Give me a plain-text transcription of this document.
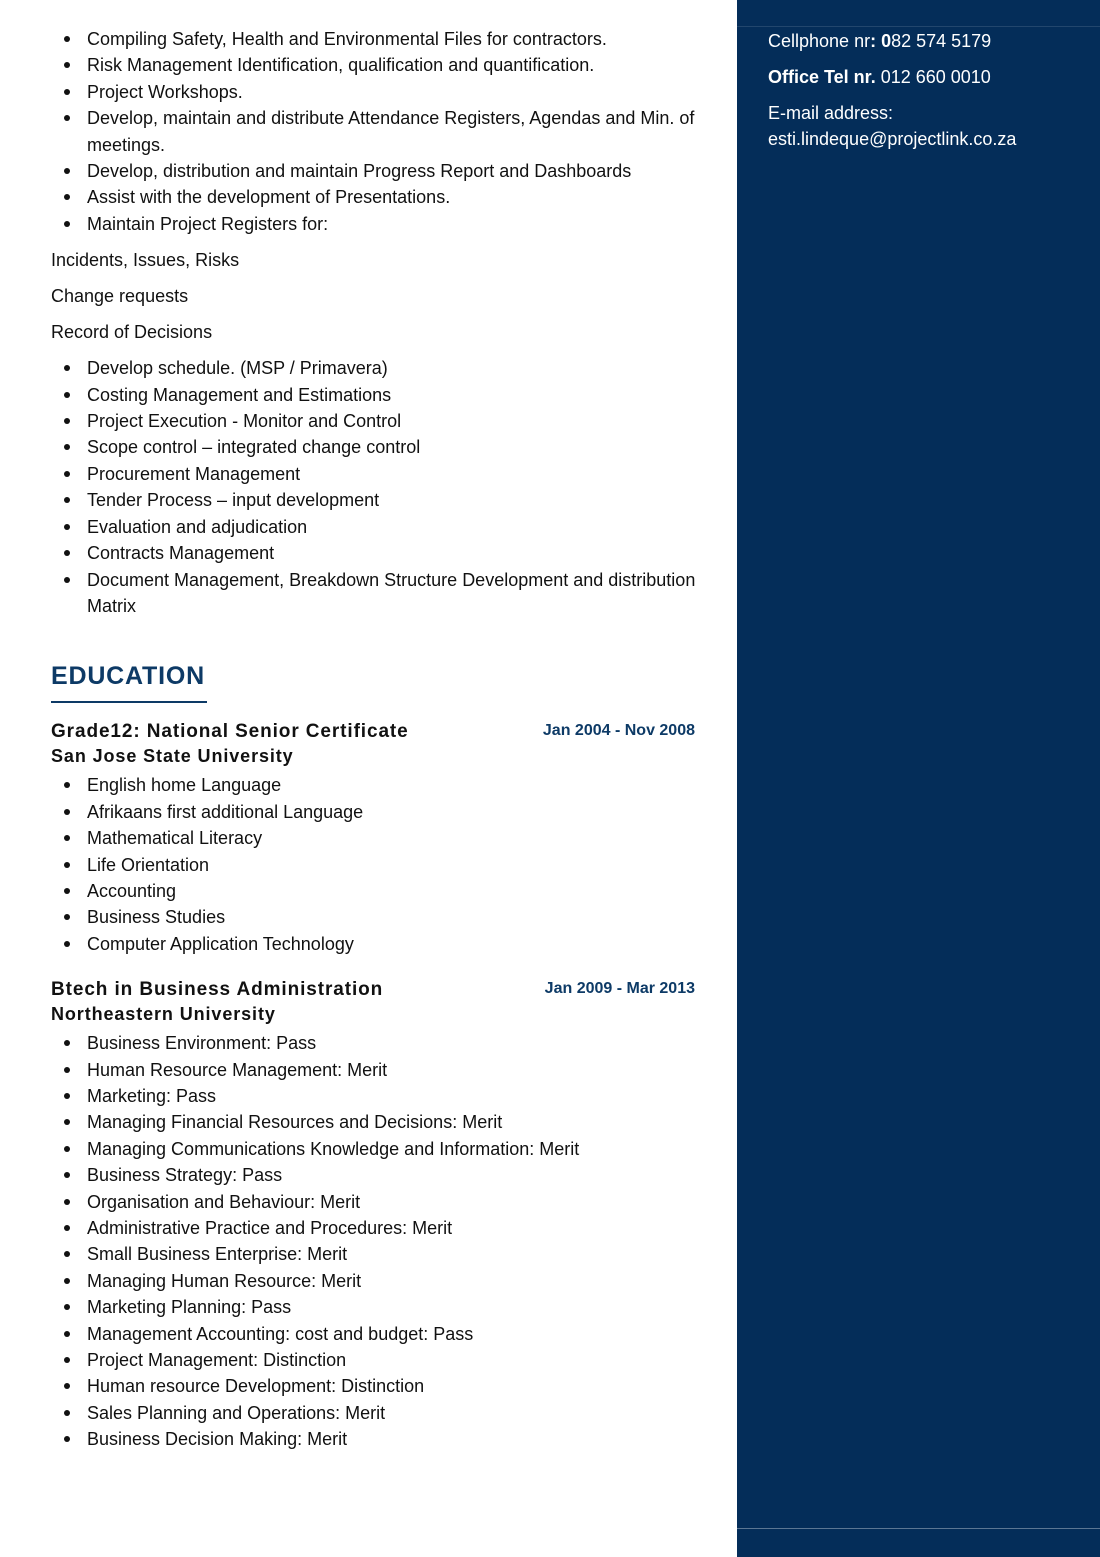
Compiling Safety, Health and Environmental Files for contractors.
Risk Management Identification, qualification and quantification.
Project Workshops.
Develop, maintain and distribute Attendance Registers, Agendas and Min. of meetings.
Develop, distribution and maintain Progress Report and Dashboards
Assist with the development of Presentations.
Maintain Project Registers for:
Incidents, Issues, Risks
Change requests
Record of Decisions
Develop schedule. (MSP / Primavera)
Costing Management and Estimations
Project Execution - Monitor and Control
Scope control – integrated change control
Procurement Management
Tender Process – input development
Evaluation and adjudication
Contracts Management
Document Management, Breakdown Structure Development and distribution Matrix
EDUCATION
Grade12: National Senior Certificate	Jan 2004 - Nov 2008
San Jose State University
English home Language
Afrikaans first additional Language
Mathematical Literacy
Life Orientation
Accounting
Business Studies
Computer Application Technology
Btech in Business Administration	Jan 2009 - Mar 2013
Northeastern University
Business Environment: Pass
Human Resource Management: Merit
Marketing: Pass
Managing Financial Resources and Decisions: Merit
Managing Communications Knowledge and Information: Merit
Business Strategy: Pass
Organisation and Behaviour: Merit
Administrative Practice and Procedures: Merit
Small Business Enterprise: Merit
Managing Human Resource: Merit
Marketing Planning: Pass
Management Accounting: cost and budget: Pass
Project Management: Distinction
Human resource Development: Distinction
Sales Planning and Operations: Merit
Business Decision Making: Merit
Cellphone nr: 082 574 5179
Office Tel nr. 012 660 0010
E-mail address:
esti.lindeque@projectlink.co.za
